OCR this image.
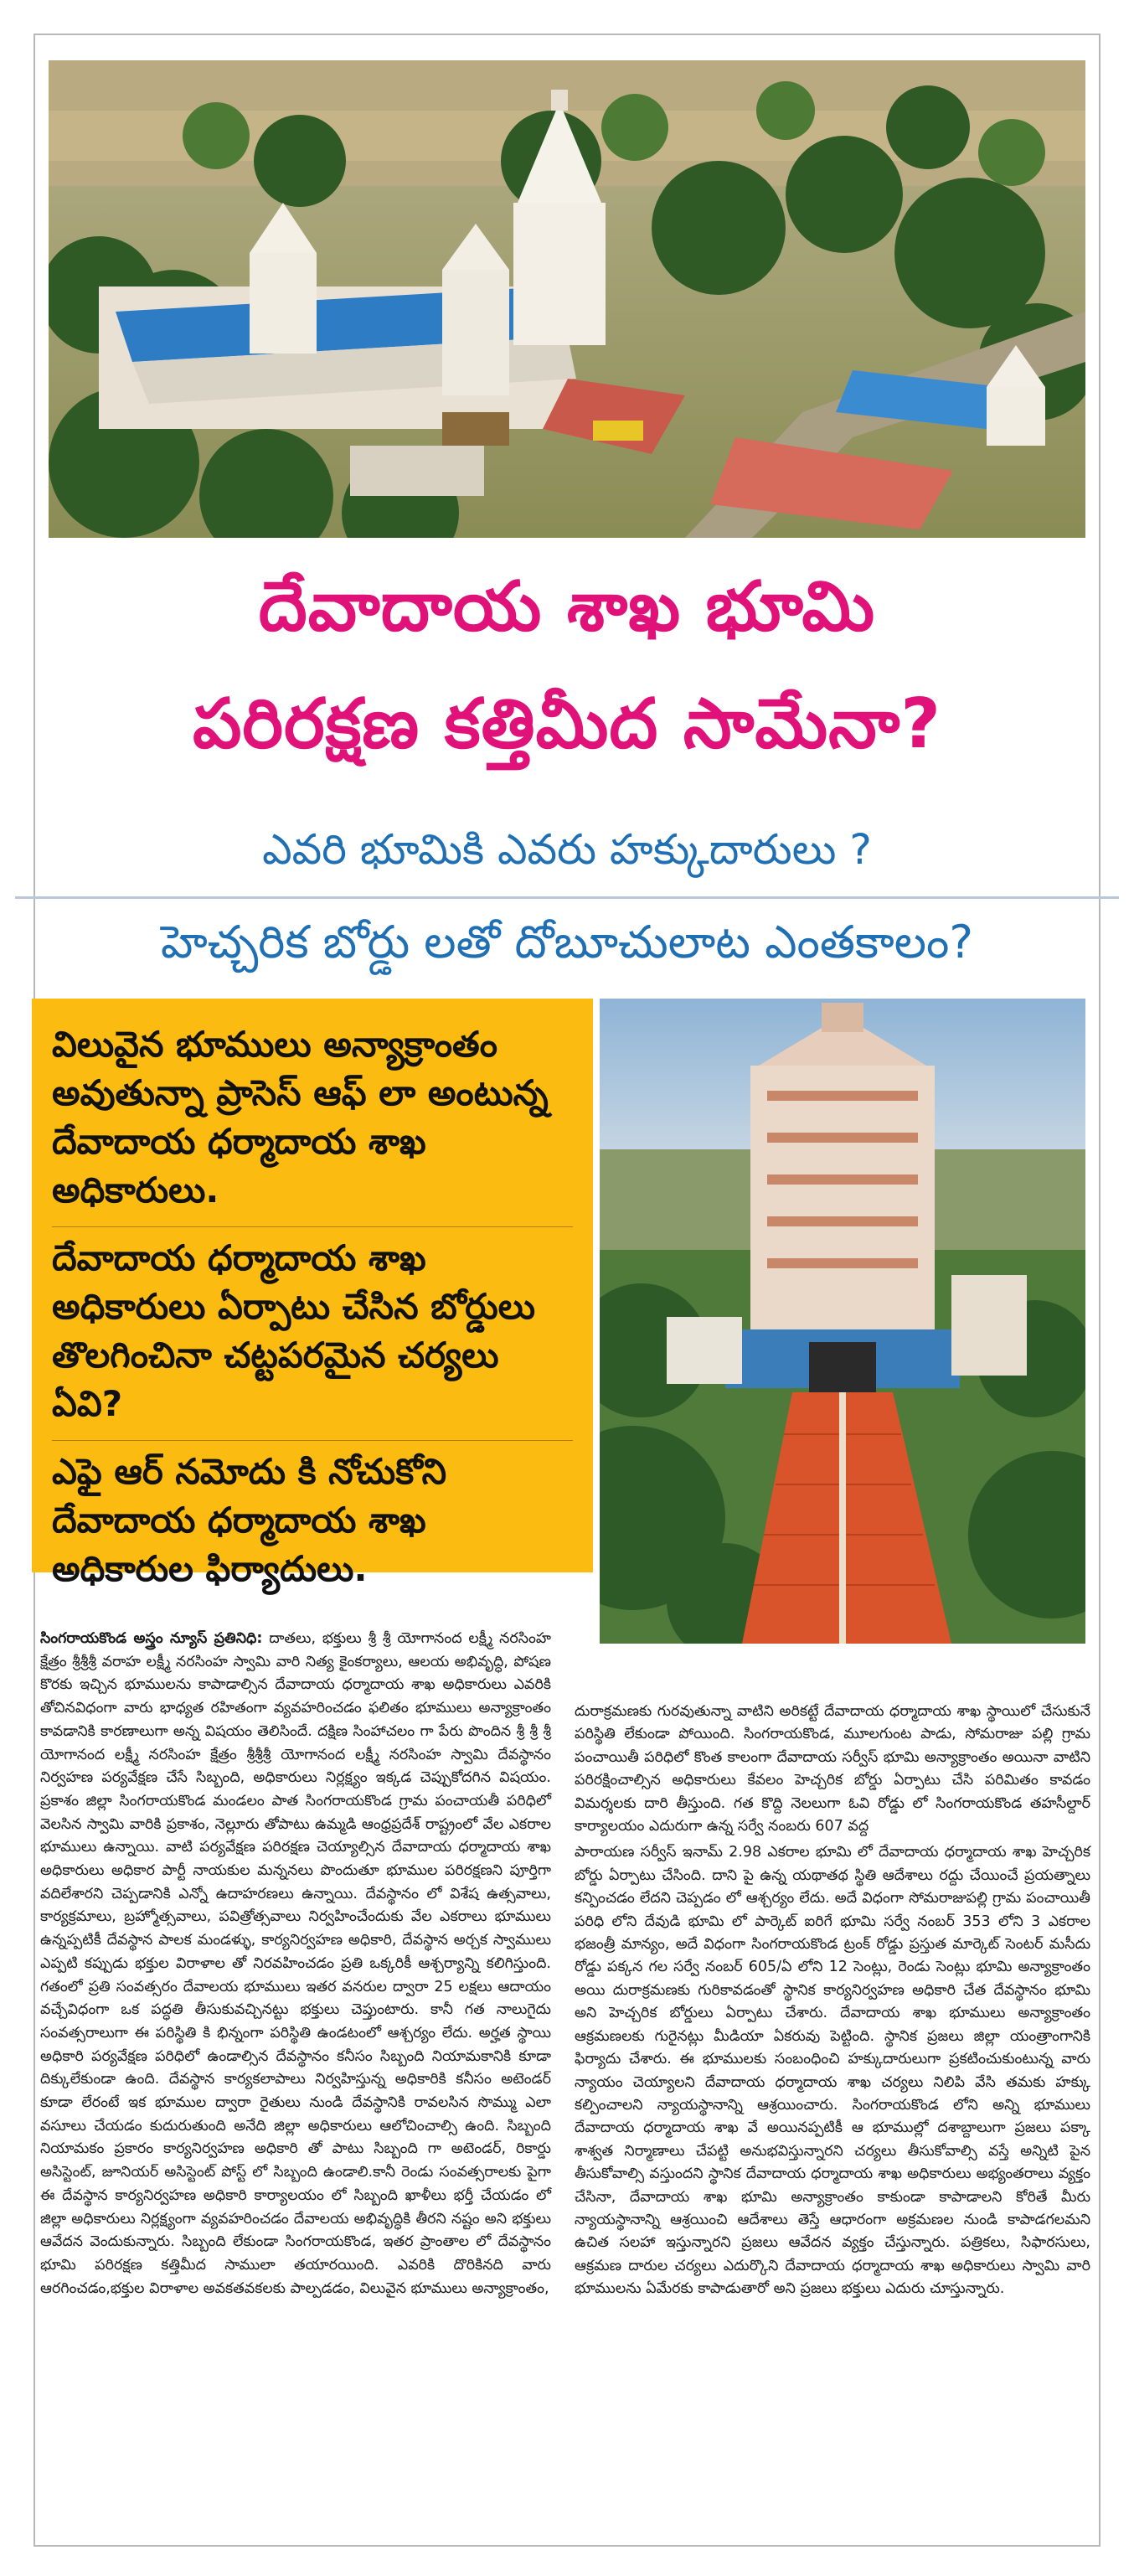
దేవాదాయ శాఖ భూమి
పరిరక్షణ కత్తిమీద సామేనా?
ఎవరి భూమికి ఎవరు హక్కుదారులు ?
హెచ్చరిక బోర్డు లతో దోబూచులాట ఎంతకాలం?
విలువైన భూములు అన్యాక్రాంతం అవుతున్నా ప్రాసెస్ ఆఫ్ లా అంటున్న దేవాదాయ ధర్మాదాయ శాఖ అధికారులు.
దేవాదాయ ధర్మాదాయ శాఖ అధికారులు ఏర్పాటు చేసిన బోర్డులు తొలగించినా చట్టపరమైన చర్యలు ఏవి?
ఎఫై ఆర్ నమోదు కి నోచుకోని దేవాదాయ ధర్మాదాయ శాఖ అధికారుల ఫిర్యాదులు.

సింగరాయకొండ అస్త్రం న్యూస్ ప్రతినిధి: దాతలు, భక్తులు శ్రీ శ్రీ యోగానంద లక్ష్మీ నరసింహ క్షేత్రం శ్రీశ్రీశ్రీ వరాహ లక్ష్మీ నరసింహ స్వామి వారి నిత్య కైంకర్యాలు, ఆలయ అభివృద్ధి, పోషణ కొరకు ఇచ్చిన భూములను కాపాడాల్సిన దేవాదాయ ధర్మాదాయ శాఖ అధికారులు ఎవరికి తోచినవిధంగా వారు భాధ్యత రహితంగా వ్యవహరించడం ఫలితం భూములు అన్యాక్రాంతం కావడానికి కారణాలుగా అన్న విషయం తెలిసిందే. దక్షిణ సింహాచలం గా పేరు పొందిన శ్రీ శ్రీ శ్రీ యోగానంద లక్ష్మీ నరసింహ క్షేత్రం శ్రీశ్రీశ్రీ యోగానంద లక్ష్మీ నరసింహ స్వామి దేవస్థానం నిర్వహణ పర్యవేక్షణ చేసే సిబ్బంది, అధికారులు నిర్లక్ష్యం ఇక్కడ చెప్పుకోదగిన విషయం. ప్రకాశం జిల్లా సింగరాయకొండ మండలం పాత సింగరాయకొండ గ్రామ పంచాయతీ పరిధిలో వెలసిన స్వామి వారికి ప్రకాశం, నెల్లూరు తోపాటు ఉమ్మడి ఆంధ్రప్రదేశ్ రాష్ట్రంలో వేల ఎకరాల భూములు ఉన్నాయి. వాటి పర్యవేక్షణ పరిరక్షణ చెయ్యాల్సిన దేవాదాయ ధర్మాదాయ శాఖ అధికారులు అధికార పార్టీ నాయకుల మన్ననలు పొందుతూ భూముల పరిరక్షణని పూర్తిగా వదిలేశారని చెప్పడానికి ఎన్నో ఉదాహరణలు ఉన్నాయి. దేవస్థానం లో విశేష ఉత్సవాలు, కార్యక్రమాలు, బ్రహ్మోత్సవాలు, పవిత్రోత్సవాలు నిర్వహించేందుకు వేల ఎకరాలు భూములు ఉన్నప్పటికీ దేవస్థాన పాలక మండళ్ళు, కార్యనిర్వహణ అధికారి, దేవస్థాన అర్చక స్వాములు ఎప్పటి కప్పుడు భక్తుల విరాళాల తో నిరవహించడం ప్రతి ఒక్కరికీ ఆశ్చర్యాన్ని కలిగిస్తుంది. గతంలో ప్రతి సంవత్సరం దేవాలయ భూములు ఇతర వనరుల ద్వారా 25 లక్షలు ఆదాయం వచ్చేవిధంగా ఒక పద్ధతి తీసుకువచ్చినట్టు భక్తులు చెప్తుంటారు. కానీ గత నాలుగైదు సంవత్సరాలుగా ఈ పరిస్థితి కి భిన్నంగా పరిస్థితి ఉండటంలో ఆశ్చర్యం లేదు. అర్హత స్థాయి అధికారి పర్యవేక్షణ పరిధిలో ఉండాల్సిన దేవస్థానం కనీసం సిబ్బంది నియామకానికి కూడా దిక్కులేకుండా ఉంది. దేవస్థాన కార్యకలాపాలు నిర్వహిస్తున్న అధికారికి కనీసం అటెండర్ కూడా లేరంటే ఇక భూముల ద్వారా రైతులు నుండి దేవస్థానికి రావలసిన సొమ్ము ఎలా వసూలు చేయడం కుదురుతుంది అనేది జిల్లా అధికారులు ఆలోచించాల్సి ఉంది. సిబ్బంది నియామకం ప్రకారం కార్యనిర్వహణ అధికారి తో పాటు సిబ్బంది గా అటెండర్, రికార్డు అసిస్టెంట్, జూనియర్ అసిస్టెంట్ పోస్ట్ లో సిబ్బంది ఉండాలి.కానీ రెండు సంవత్సరాలకు పైగా ఈ దేవస్థాన కార్యనిర్వహణ అధికారి కార్యాలయం లో సిబ్బంది ఖాళీలు భర్తీ చేయడం లో జిల్లా అధికారులు నిర్లక్ష్యంగా వ్యవహరించడం దేవాలయ అభివృద్ధికి తీరని నష్టం అని భక్తులు ఆవేదన వెందుకున్నారు. సిబ్బంది లేకుండా సింగరాయకొండ, ఇతర ప్రాంతాల లో దేవస్థానం భూమి పరిరక్షణ కత్తిమీద సాములా తయారయింది. ఎవరికి దొరికినది వారు ఆరగించడం,భక్తుల విరాళాల అవకతవకలకు పాల్పడడం, విలువైన భూములు అన్యాక్రాంతం,

దురాక్రమణకు గురవుతున్నా వాటిని అరికట్టే దేవాదాయ ధర్మాదాయ శాఖ స్థాయిలో చేసుకునే పరిస్థితి లేకుండా పోయింది. సింగరాయకొండ, మూలగుంట పాడు, సోమరాజు పల్లి గ్రామ పంచాయితీ పరిధిలో కొంత కాలంగా దేవాదాయ సర్వీస్ భూమి అన్యాక్రాంతం అయినా వాటిని పరిరక్షించాల్సిన అధికారులు కేవలం హెచ్చరిక బోర్డు ఏర్పాటు చేసి పరిమితం కావడం విమర్శలకు దారి తీస్తుంది. గత కొద్ది నెలలుగా ఓవి రోడ్డు లో సింగరాయకొండ తహసీల్దార్ కార్యాలయం ఎదురుగా ఉన్న సర్వే నంబరు 607 వద్ద

పారాయణ సర్వీస్ ఇనామ్ 2.98 ఎకరాల భూమి లో దేవాదాయ ధర్మాదాయ శాఖ హెచ్చరిక బోర్డు ఏర్పాటు చేసింది. దాని పై ఉన్న యథాతథ స్థితి ఆదేశాలు రద్దు చేయించే ప్రయత్నాలు కన్పించడం లేదని చెప్పడం లో ఆశ్చర్యం లేదు. అదే విధంగా సోమరాజుపల్లి గ్రామ పంచాయితీ పరిధి లోని దేవుడి భూమి లో పార్కెట్ ఐరిగే భూమి సర్వే నంబర్ 353 లోని 3 ఎకరాల భజంత్రీ మాన్యం, అదే విధంగా సింగరాయకొండ ట్రంక్ రోడ్డు ప్రస్తుత మార్కెట్ సెంటర్ మసీదు రోడ్డు పక్కన గల సర్వే నంబర్ 605/ఏ లోని 12 సెంట్లు, రెండు సెంట్లు భూమి అన్యాక్రాంతం అయి దురాక్రమణకు గురికావడంతో స్థానిక కార్యనిర్వహణ అధికారి చేత దేవస్థానం భూమి అని హెచ్చరిక బోర్డులు ఏర్పాటు చేశారు. దేవాదాయ శాఖ భూములు అన్యాక్రాంతం ఆక్రమణలకు గురైనట్లు మీడియా ఏకరువు పెట్టింది. స్థానిక ప్రజలు జిల్లా యంత్రాంగానికి ఫిర్యాదు చేశారు. ఈ భూములకు సంబంధించి హక్కుదారులుగా ప్రకటించుకుంటున్న వారు న్యాయం చెయ్యాలని దేవాదాయ ధర్మాదాయ శాఖ చర్యలు నిలిపి వేసి తమకు హక్కు కల్పించాలని న్యాయస్థానాన్ని ఆశ్రయించారు. సింగరాయకొండ లోని అన్ని భూములు దేవాదాయ ధర్మాదాయ శాఖ వే అయినప్పటికీ ఆ భూముల్లో దశాబ్దాలుగా ప్రజలు పక్కా శాశ్వత నిర్మాణాలు చేపట్టి అనుభవిస్తున్నారని చర్యలు తీసుకోవాల్సి వస్తే అన్నిటి పైన తీసుకోవాల్సి వస్తుందని స్థానిక దేవాదాయ ధర్మాదాయ శాఖ అధికారులు అభ్యంతరాలు వ్యక్తం చేసినా, దేవాదాయ శాఖ భూమి అన్యాక్రాంతం కాకుండా కాపాడాలని కోరితే మీరు న్యాయస్థానాన్ని ఆశ్రయించి ఆదేశాలు తెస్తే ఆధారంగా అక్రమణల నుండి కాపాడగలమని ఉచిత సలహా ఇస్తున్నారని ప్రజలు ఆవేదన వ్యక్తం చేస్తున్నారు. పత్రికలు, సిఫారసులు, ఆక్రమణ దారుల చర్యలు ఎదుర్కొని దేవాదాయ ధర్మాదాయ శాఖ అధికారులు స్వామి వారి భూములను ఏమేరకు కాపాడుతారో అని ప్రజలు భక్తులు ఎదురు చూస్తున్నారు.
